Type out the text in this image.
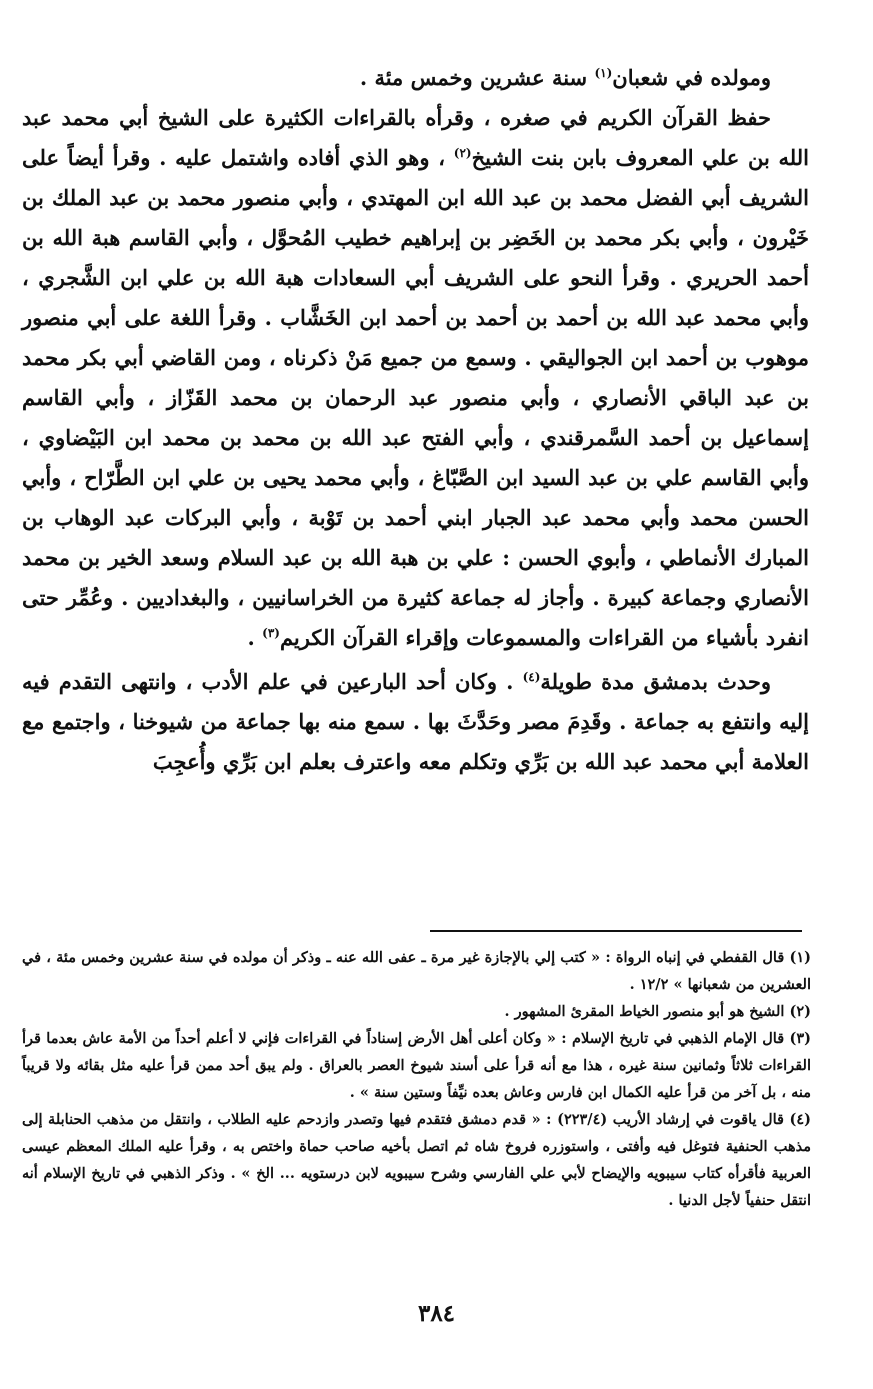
ومولده في شعبان$^{(١)}$ سنة عشرين وخمس مئة .

حفظ القرآن الكريم في صغره ، وقرأه بالقراءات الكثيرة على الشيخ أبي محمد عبد الله بن علي المعروف بابن بنت الشيخ$^{(٢)}$ ، وهو الذي أفاده واشتمل عليه . وقرأ أيضاً على الشريف أبي الفضل محمد بن عبد الله ابن المهتدي ، وأبي منصور محمد بن عبد الملك بن خَيْرون ، وأبي بكر محمد بن الخَضِر بن إبراهيم خطيب المُحوَّل ، وأبي القاسم هبة الله بن أحمد الحريري . وقرأ النحو على الشريف أبي السعادات هبة الله بن علي ابن الشَّجري ، وأبي محمد عبد الله بن أحمد بن أحمد بن أحمد ابن الخَشَّاب . وقرأ اللغة على أبي منصور موهوب بن أحمد ابن الجواليقي . وسمع من جميع مَنْ ذكرناه ، ومن القاضي أبي بكر محمد بن عبد الباقي الأنصاري ، وأبي منصور عبد الرحمان بن محمد القَزّاز ، وأبي القاسم إسماعيل بن أحمد السَّمرقندي ، وأبي الفتح عبد الله بن محمد بن محمد ابن البَيْضاوي ، وأبي القاسم علي بن عبد السيد ابن الصَّبّاغ ، وأبي محمد يحيى بن علي ابن الطَّرّاح ، وأبي الحسن محمد وأبي محمد عبد الجبار ابني أحمد بن تَوْبة ، وأبي البركات عبد الوهاب بن المبارك الأنماطي ، وأبوي الحسن : علي بن هبة الله بن عبد السلام وسعد الخير بن محمد الأنصاري وجماعة كبيرة . وأجاز له جماعة كثيرة من الخراسانيين ، والبغداديين . وعُمِّر حتى انفرد بأشياء من القراءات والمسموعات وإقراء القرآن الكريم$^{(٣)}$ .

وحدث بدمشق مدة طويلة$^{(٤)}$ . وكان أحد البارعين في علم الأدب ، وانتهى التقدم فيه إليه وانتفع به جماعة . وقَدِمَ مصر وحَدَّثَ بها . سمع منه بها جماعة من شيوخنا ، واجتمع مع العلامة أبي محمد عبد الله بن بَرِّي وتكلم معه واعترف بعلم ابن بَرِّي وأُعجِبَ

(١) قال القفطي في إنباه الرواة : « كتب إلي بالإجازة غير مرة ـ عفى الله عنه ـ وذكر أن مولده في سنة عشرين وخمس مئة ، في العشرين من شعبانها » ١٢/٢ .

(٢) الشيخ هو أبو منصور الخياط المقرئ المشهور .

(٣) قال الإمام الذهبي في تاريخ الإسلام : « وكان أعلى أهل الأرض إسناداً في القراءات فإني لا أعلم أحداً من الأمة عاش بعدما قرأ القراءات ثلاثاً وثمانين سنة غيره ، هذا مع أنه قرأ على أسند شيوخ العصر بالعراق . ولم يبق أحد ممن قرأ عليه مثل بقائه ولا قريباً منه ، بل آخر من قرأ عليه الكمال ابن فارس وعاش بعده نيِّفاً وستين سنة » .

(٤) قال ياقوت في إرشاد الأريب (٢٢٣/٤) : « قدم دمشق فتقدم فيها وتصدر وازدحم عليه الطلاب ، وانتقل من مذهب الحنابلة إلى مذهب الحنفية فتوغل فيه وأفتى ، واستوزره فروخ شاه ثم اتصل بأخيه صاحب حماة واختص به ، وقرأ عليه الملك المعظم عيسى العربية فأقرأه كتاب سيبويه والإيضاح لأبي علي الفارسي وشرح سيبويه لابن درستويه ... الخ » . وذكر الذهبي في تاريخ الإسلام أنه انتقل حنفياً لأجل الدنيا .

٣٨٤
